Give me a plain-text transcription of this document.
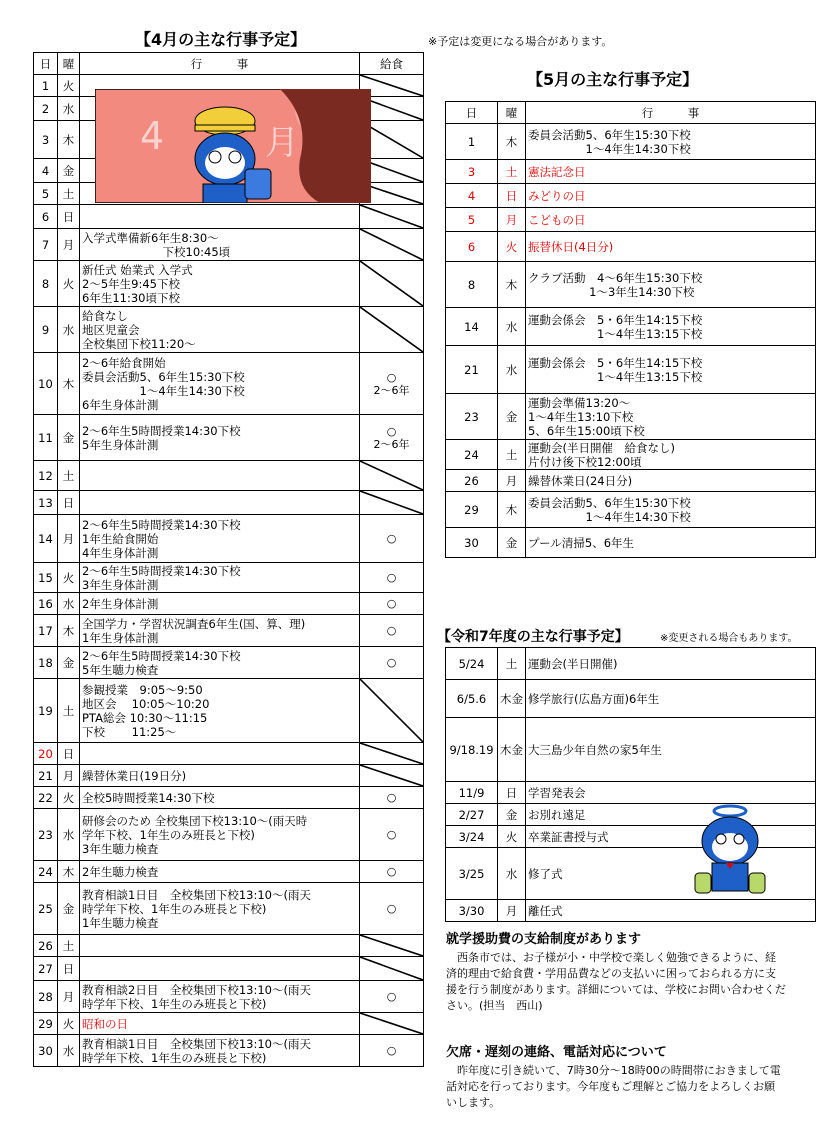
【4月の主な行事予定】	※予定は変更になる場合があります。
日	曜	行　　　事	給食
1	火		

2	水		

3	木		

4	金		

5	土		

6	日		

7	月	入学式準備新6年生8:30～
　　　　　　　下校10:45頃	

8	火	新任式 始業式 入学式
2～5年生9:45下校
6年生11:30頃下校	

9	水	給食なし
地区児童会
全校集団下校11:20～	

10	木	2～6年給食開始
委員会活動5、6年生15:30下校
　　　　　1～4年生14:30下校
6年生身体計測	○
2～6年
11	金	2～6年生5時間授業14:30下校
5年生身体計測	○
2～6年
12	土		

13	日		

14	月	2～6年生5時間授業14:30下校
1年生給食開始
4年生身体計測	○
15	火	2～6年生5時間授業14:30下校
3年生身体計測	○
16	水	2年生身体計測	○
17	木	全国学力・学習状況調査6年生(国、算、理)
1年生身体計測	○
18	金	2～6年生5時間授業14:30下校
5年生聴力検査	○
19	土	参観授業　9:05～9:50
地区会　 10:05～10:20
PTA総会 10:30～11:15
下校　　 11:25～	

20	日		

21	月	繰替休業日(19日分)	

22	火	全校5時間授業14:30下校	○
23	水	研修会のため 全校集団下校13:10～(雨天時
学年下校、1年生のみ班長と下校)
3年生聴力検査	○
24	木	2年生聴力検査	○
25	金	教育相談1日目　全校集団下校13:10～(雨天
時学年下校、1年生のみ班長と下校)
1年生聴力検査	○
26	土		

27	日		

28	月	教育相談2日目　全校集団下校13:10～(雨天
時学年下校、1年生のみ班長と下校)	○
29	火	昭和の日	

30	水	教育相談1日目　全校集団下校13:10～(雨天
時学年下校、1年生のみ班長と下校)	○
4	月
【5月の主な行事予定】
日	曜	行　　　事
1	木	委員会活動5、6年生15:30下校
　　　　　1～4年生14:30下校
3	土	憲法記念日
4	日	みどりの日
5	月	こどもの日
6	火	振替休日(4日分)
8	木	クラブ活動　4～6年生15:30下校
　　　　　 1～3年生14:30下校
14	水	運動会係会　5・6年生14:15下校
　　　　　　1～4年生13:15下校
21	水	運動会係会　5・6年生14:15下校
　　　　　　1～4年生13:15下校
23	金	運動会準備13:20～
1～4年生13:10下校
5、6年生15:00頃下校
24	土	運動会(半日開催　給食なし)
片付け後下校12:00頃
26	月	繰替休業日(24日分)
29	木	委員会活動5、6年生15:30下校
　　　　　1～4年生14:30下校
30	金	プール清掃5、6年生
【令和7年度の主な行事予定】	※変更される場合もあります。
5/24	土	運動会(半日開催)
6/5.6	木金	修学旅行(広島方面)6年生
9/18.19	木金	大三島少年自然の家5年生
11/9	日	学習発表会
2/27	金	お別れ遠足
3/24	火	卒業証書授与式
3/25	水	修了式
3/30	月	離任式
就学援助費の支給制度があります

西条市では、お子様が小・中学校で楽しく勉強できるように、経済的理由で給食費・学用品費などの支払いに困っておられる方に支援を行う制度があります。詳細については、学校にお問い合わせください。(担当　西山)

欠席・遅刻の連絡、電話対応について

昨年度に引き続いて、7時30分～18時00の時間帯におきまして電話対応を行っております。今年度もご理解とご協力をよろしくお願いします。
